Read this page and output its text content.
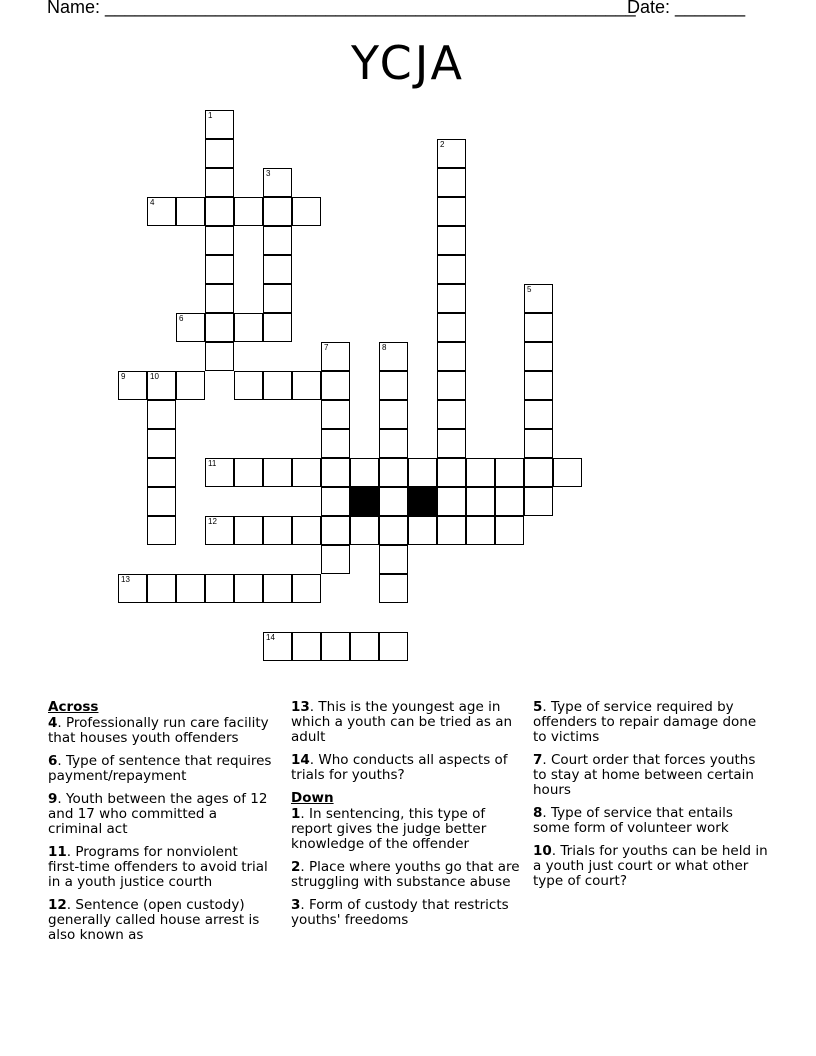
Name: _____________________________________________________
Date: _______
YCJA
1
2
3
4
5
6
7	8
9	10
11
12
13
14
Across
4. Professionally run care facility that houses youth offenders
6. Type of sentence that requires payment/repayment
9. Youth between the ages of 12 and 17 who committed a criminal act
11. Programs for nonviolent first-time offenders to avoid trial in a youth justice courth
12. Sentence (open custody) generally called house arrest is also known as
13. This is the youngest age in which a youth can be tried as an adult
14. Who conducts all aspects of trials for youths?
Down
1. In sentencing, this type of report gives the judge better knowledge of the offender
2. Place where youths go that are struggling with substance abuse
3. Form of custody that restricts youths' freedoms
5. Type of service required by offenders to repair damage done to victims
7. Court order that forces youths to stay at home between certain hours
8. Type of service that entails some form of volunteer work
10. Trials for youths can be held in a youth just court or what other type of court?
